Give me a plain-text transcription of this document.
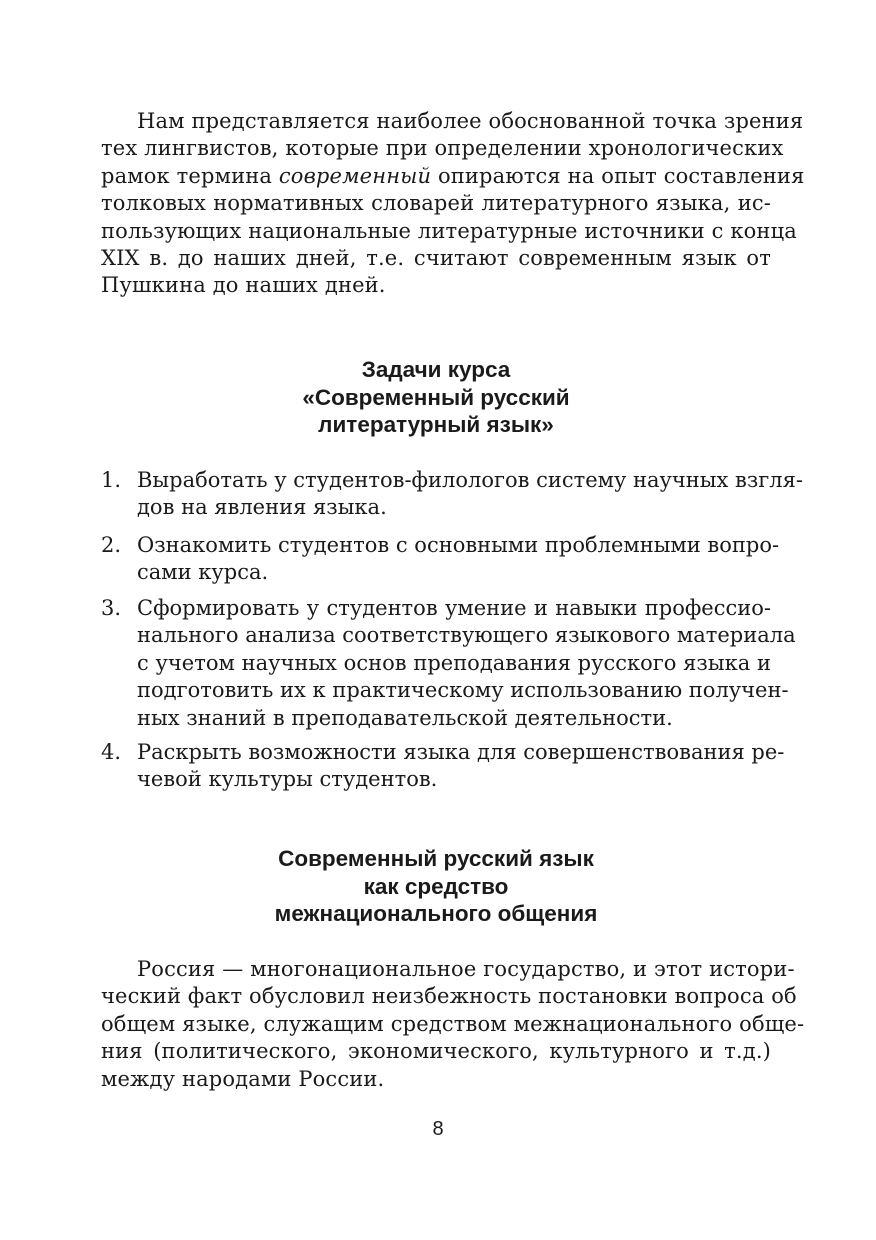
Нам представляется наиболее обоснованной точка зрения
тех лингвистов, которые при определении хронологических
рамок термина современный опираются на опыт составления
толковых нормативных словарей литературного языка, ис-
пользующих национальные литературные источники с конца
XIX в. до наших дней, т.е. считают современным язык от
Пушкина до наших дней.
Задачи курса
«Современный русский
литературный язык»
1. Выработать у студентов-филологов систему научных взгля-
дов на явления языка.
2. Ознакомить студентов с основными проблемными вопро-
сами курса.
3. Сформировать у студентов умение и навыки профессио-
нального анализа соответствующего языкового материала
с учетом научных основ преподавания русского языка и
подготовить их к практическому использованию получен-
ных знаний в преподавательской деятельности.
4. Раскрыть возможности языка для совершенствования ре-
чевой культуры студентов.
Современный русский язык
как средство
межнационального общения
Россия — многонациональное государство, и этот истори-
ческий факт обусловил неизбежность постановки вопроса об
общем языке, служащим средством межнационального обще-
ния (политического, экономического, культурного и т.д.)
между народами России.
8
